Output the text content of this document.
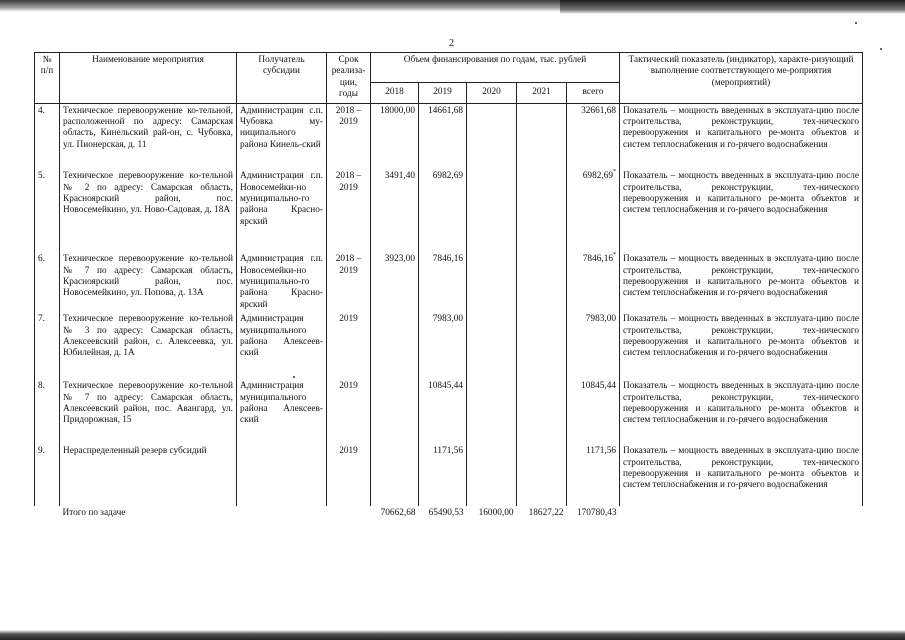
2
№ п/п	Наименование мероприятия	Получатель субсидии	Срок реализа-ции, годы	Объем финансирования по годам, тыс. рублей					Тактический показатель (индикатор), характе-ризующий выполнение соответствующего ме-роприятия (мероприятий)
				2018	2019	2020	2021	всего	
4.	Техническое перевооружение ко-тельной, расположенной по адресу: Самарская область, Кинельский рай-он, с. Чубовка, ул. Пионерская, д. 11	Администрация с.п. Чубовка му-ниципального района Кинель-ский	2018 – 2019	18000,00	14661,68			32661,68	Показатель – мощность введенных в эксплуата-цию после строительства, реконструкции, тех-нического перевооружения и капитального ре-монта объектов и систем теплоснабжения и го-рячего водоснабжения
5.	Техническое перевооружение ко-тельной № 2 по адресу: Самарская область, Красноярский район, пос. Новосемейкино, ул. Ново-Садовая, д. 18А	Администрация г.п. Новосемейки-но муниципально-го района Красно-ярский	2018 – 2019	3491,40	6982,69			6982,69*	Показатель – мощность введенных в эксплуата-цию после строительства, реконструкции, тех-нического перевооружения и капитального ре-монта объектов и систем теплоснабжения и го-рячего водоснабжения
6.	Техническое перевооружение ко-тельной № 7 по адресу: Самарская область, Красноярский район, пос. Новосемейкино, ул. Попова, д. 13А	Администрация г.п. Новосемейки-но муниципально-го района Красно-ярский	2018 – 2019	3923,00	7846,16			7846,16*	Показатель – мощность введенных в эксплуата-цию после строительства, реконструкции, тех-нического перевооружения и капитального ре-монта объектов и систем теплоснабжения и го-рячего водоснабжения
7.	Техническое перевооружение ко-тельной № 3 по адресу: Самарская область, Алексеевский район, с. Алексеевка, ул. Юбилейная, д. 1А	Администрация муниципального района Алексеев-ский	2019		7983,00			7983,00	Показатель – мощность введенных в эксплуата-цию после строительства, реконструкции, тех-нического перевооружения и капитального ре-монта объектов и систем теплоснабжения и го-рячего водоснабжения
8.	Техническое перевооружение ко-тельной № 7 по адресу: Самарская область, Алексеевский район, пос. Авангард, ул. Придорожная, 15	Администрация муниципального района Алексеев-ский	2019		10845,44			10845,44	Показатель – мощность введенных в эксплуата-цию после строительства, реконструкции, тех-нического перевооружения и капитального ре-монта объектов и систем теплоснабжения и го-рячего водоснабжения
9.	Нераспределенный резерв субсидий		2019		1171,56			1171,56	Показатель – мощность введенных в эксплуата-цию после строительства, реконструкции, тех-нического перевооружения и капитального ре-монта объектов и систем теплоснабжения и го-рячего водоснабжения
	Итого по задаче			70662,68	65490,53	16000,00	18627,22	170780,43	
